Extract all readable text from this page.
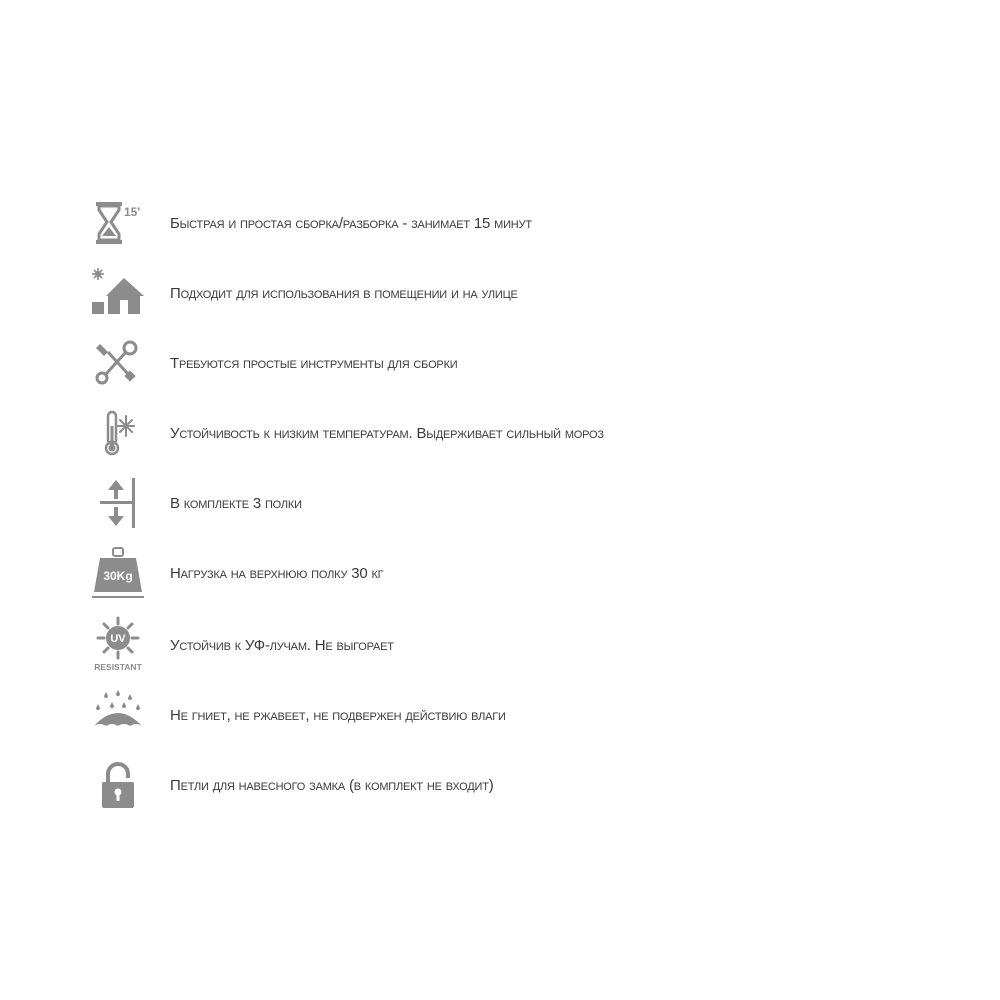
15'
Быстрая и простая сборка/разборка - занимает 15 минут
Подходит для использования в помещении и на улице
Требуются простые инструменты для сборки
Устойчивость к низким температурам. Выдерживает сильный мороз
В комплекте 3 полки
30Kg Нагрузка на верхнюю полку 30 кг
UV
RESISTANT
Устойчив к УФ-лучам. Не выгорает
Не гниет, не ржавеет, не подвержен действию влаги
Петли для навесного замка (в комплект не входит)
